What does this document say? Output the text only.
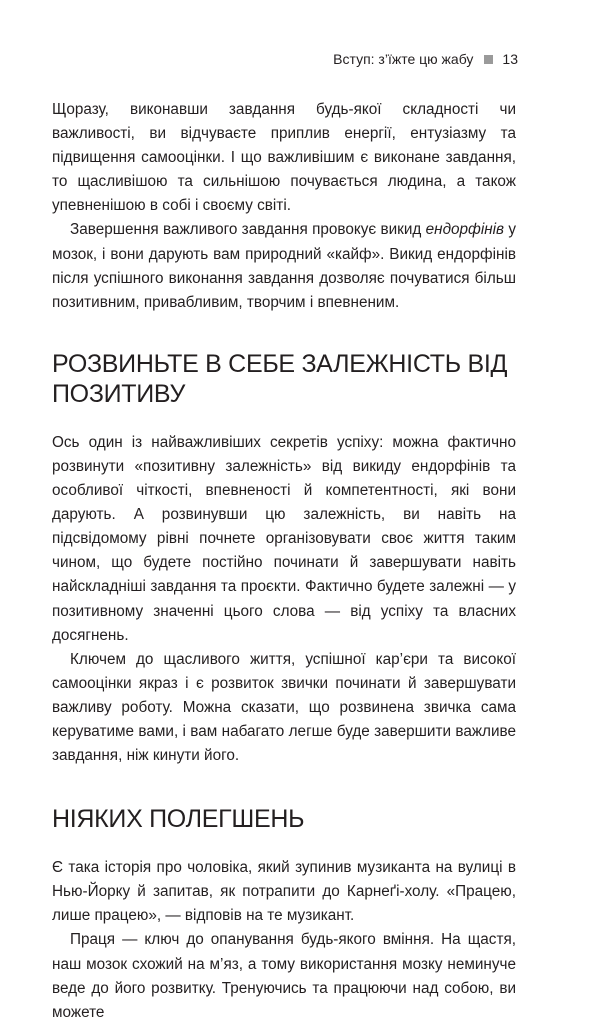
Вступ: з’їжте цю жабу 13

Щоразу, виконавши завдання будь-якої складності чи важливості, ви відчуваєте приплив енергії, ентузіазму та підвищення самооцінки. І що важливішим є виконане завдання, то щасливішою та сильнішою почувається людина, а також упевненішою в собі і своєму світі.

Завершення важливого завдання провокує викид ендорфінів у мозок, і вони дарують вам природний «кайф». Викид ендорфінів після успішного виконання завдання дозволяє почуватися більш позитивним, привабливим, творчим і впевненим.

РОЗВИНЬТЕ В СЕБЕ ЗАЛЕЖНІСТЬ ВІД ПОЗИТИВУ

Ось один із найважливіших секретів успіху: можна фактично розвинути «позитивну залежність» від викиду ендорфінів та особливої чіткості, впевненості й компетентності, які вони дарують. А розвинувши цю залежність, ви навіть на підсвідомому рівні почнете організовувати своє життя таким чином, що будете постійно починати й завершувати навіть найскладніші завдання та проєкти. Фактично будете залежні — у позитивному значенні цього слова — від успіху та власних досягнень.

Ключем до щасливого життя, успішної кар’єри та високої самооцінки якраз і є розвиток звички починати й завершувати важливу роботу. Можна сказати, що розвинена звичка сама керуватиме вами, і вам набагато легше буде завершити важливе завдання, ніж кинути його.

НІЯКИХ ПОЛЕГШЕНЬ

Є така історія про чоловіка, який зупинив музиканта на вулиці в Нью-Йорку й запитав, як потрапити до Карнеґі-холу. «Працею, лише працею», — відповів на те музикант.

Праця — ключ до опанування будь-якого вміння. На щастя, наш мозок схожий на м’яз, а тому використання мозку неминуче веде до його розвитку. Тренуючись та працюючи над собою, ви можете
